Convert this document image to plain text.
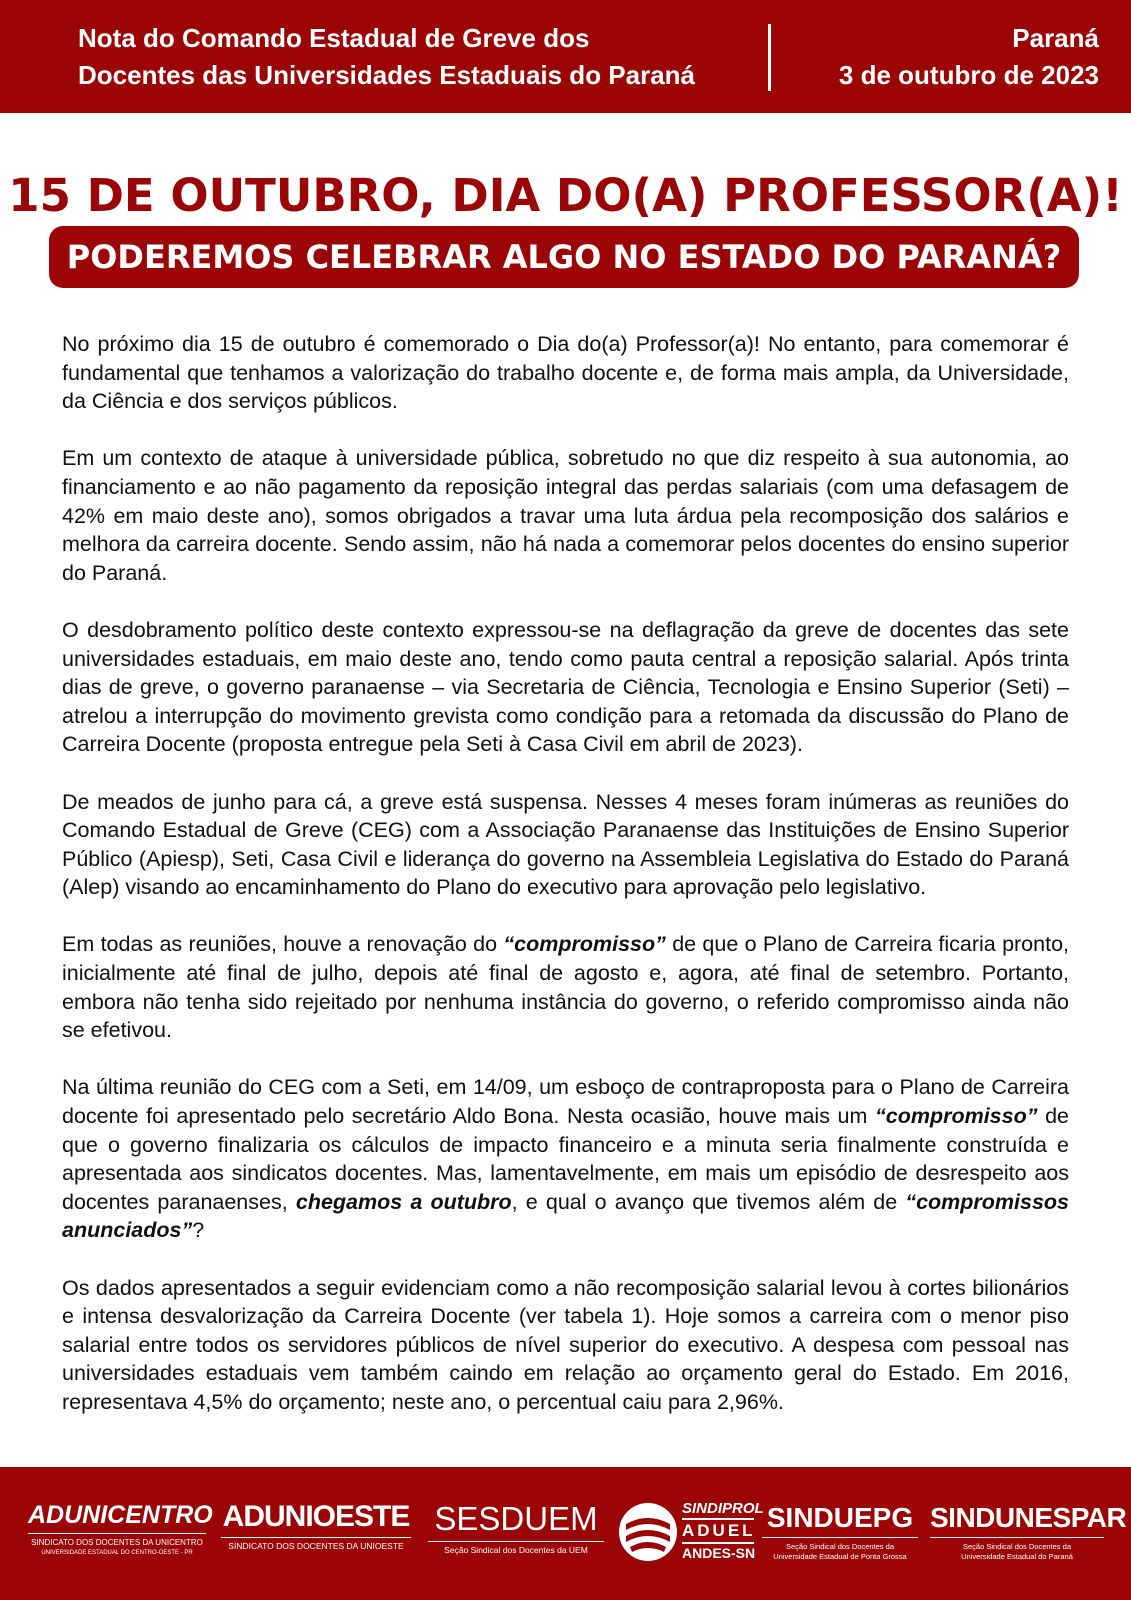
Nota do Comando Estadual de Greve dos
Docentes das Universidades Estaduais do Paraná
Paraná
3 de outubro de 2023
15 DE OUTUBRO, DIA DO(A) PROFESSOR(A)!
PODEREMOS CELEBRAR ALGO NO ESTADO DO PARANÁ?

No próximo dia 15 de outubro é comemorado o Dia do(a) Professor(a)! No entanto, para comemorar é fundamental que tenhamos a valorização do trabalho docente e, de forma mais ampla, da Universidade, da Ciência e dos serviços públicos.

Em um contexto de ataque à universidade pública, sobretudo no que diz respeito à sua autonomia, ao financiamento e ao não pagamento da reposição integral das perdas salariais (com uma defasagem de 42% em maio deste ano), somos obrigados a travar uma luta árdua pela recomposição dos salários e melhora da carreira docente. Sendo assim, não há nada a comemorar pelos docentes do ensino superior do Paraná.

O desdobramento político deste contexto expressou-se na deflagração da greve de docentes das sete universidades estaduais, em maio deste ano, tendo como pauta central a reposição salarial. Após trinta dias de greve, o governo paranaense – via Secretaria de Ciência, Tecnologia e Ensino Superior (Seti) – atrelou a interrupção do movimento grevista como condição para a retomada da discussão do Plano de Carreira Docente (proposta entregue pela Seti à Casa Civil em abril de 2023).

De meados de junho para cá, a greve está suspensa. Nesses 4 meses foram inúmeras as reuniões do Comando Estadual de Greve (CEG) com a Associação Paranaense das Instituições de Ensino Superior Público (Apiesp), Seti, Casa Civil e liderança do governo na Assembleia Legislativa do Estado do Paraná (Alep) visando ao encaminhamento do Plano do executivo para aprovação pelo legislativo.

Em todas as reuniões, houve a renovação do “compromisso” de que o Plano de Carreira ficaria pronto, inicialmente até final de julho, depois até final de agosto e, agora, até final de setembro. Portanto, embora não tenha sido rejeitado por nenhuma instância do governo, o referido compromisso ainda não se efetivou.

Na última reunião do CEG com a Seti, em 14/09, um esboço de contraproposta para o Plano de Carreira docente foi apresentado pelo secretário Aldo Bona. Nesta ocasião, houve mais um “compromisso” de que o governo finalizaria os cálculos de impacto financeiro e a minuta seria finalmente construída e apresentada aos sindicatos docentes. Mas, lamentavelmente, em mais um episódio de desrespeito aos docentes paranaenses, chegamos a outubro, e qual o avanço que tivemos além de “compromissos anunciados”?

Os dados apresentados a seguir evidenciam como a não recomposição salarial levou à cortes bilionários e intensa desvalorização da Carreira Docente (ver tabela 1). Hoje somos a carreira com o menor piso salarial entre todos os servidores públicos de nível superior do executivo. A despesa com pessoal nas universidades estaduais vem também caindo em relação ao orçamento geral do Estado. Em 2016, representava 4,5% do orçamento; neste ano, o percentual caiu para 2,96%.

ADUNICENTRO
SINDICATO DOS DOCENTES DA UNICENTRO
UNIVERSIDADE ESTADUAL DO CENTRO-OESTE - PR
ADUNIOESTE
SINDICATO DOS DOCENTES DA UNIOESTE
SESDUEM
Seção Sindical dos Docentes da UEM
SINDIPROL
ADUEL
ANDES-SN
SINDUEPG
Seção Sindical dos Docentes da
Universidade Estadual de Ponta Grossa
SINDUNESPAR
Seção Sindical dos Docentes da
Universidade Estadual do Paraná
